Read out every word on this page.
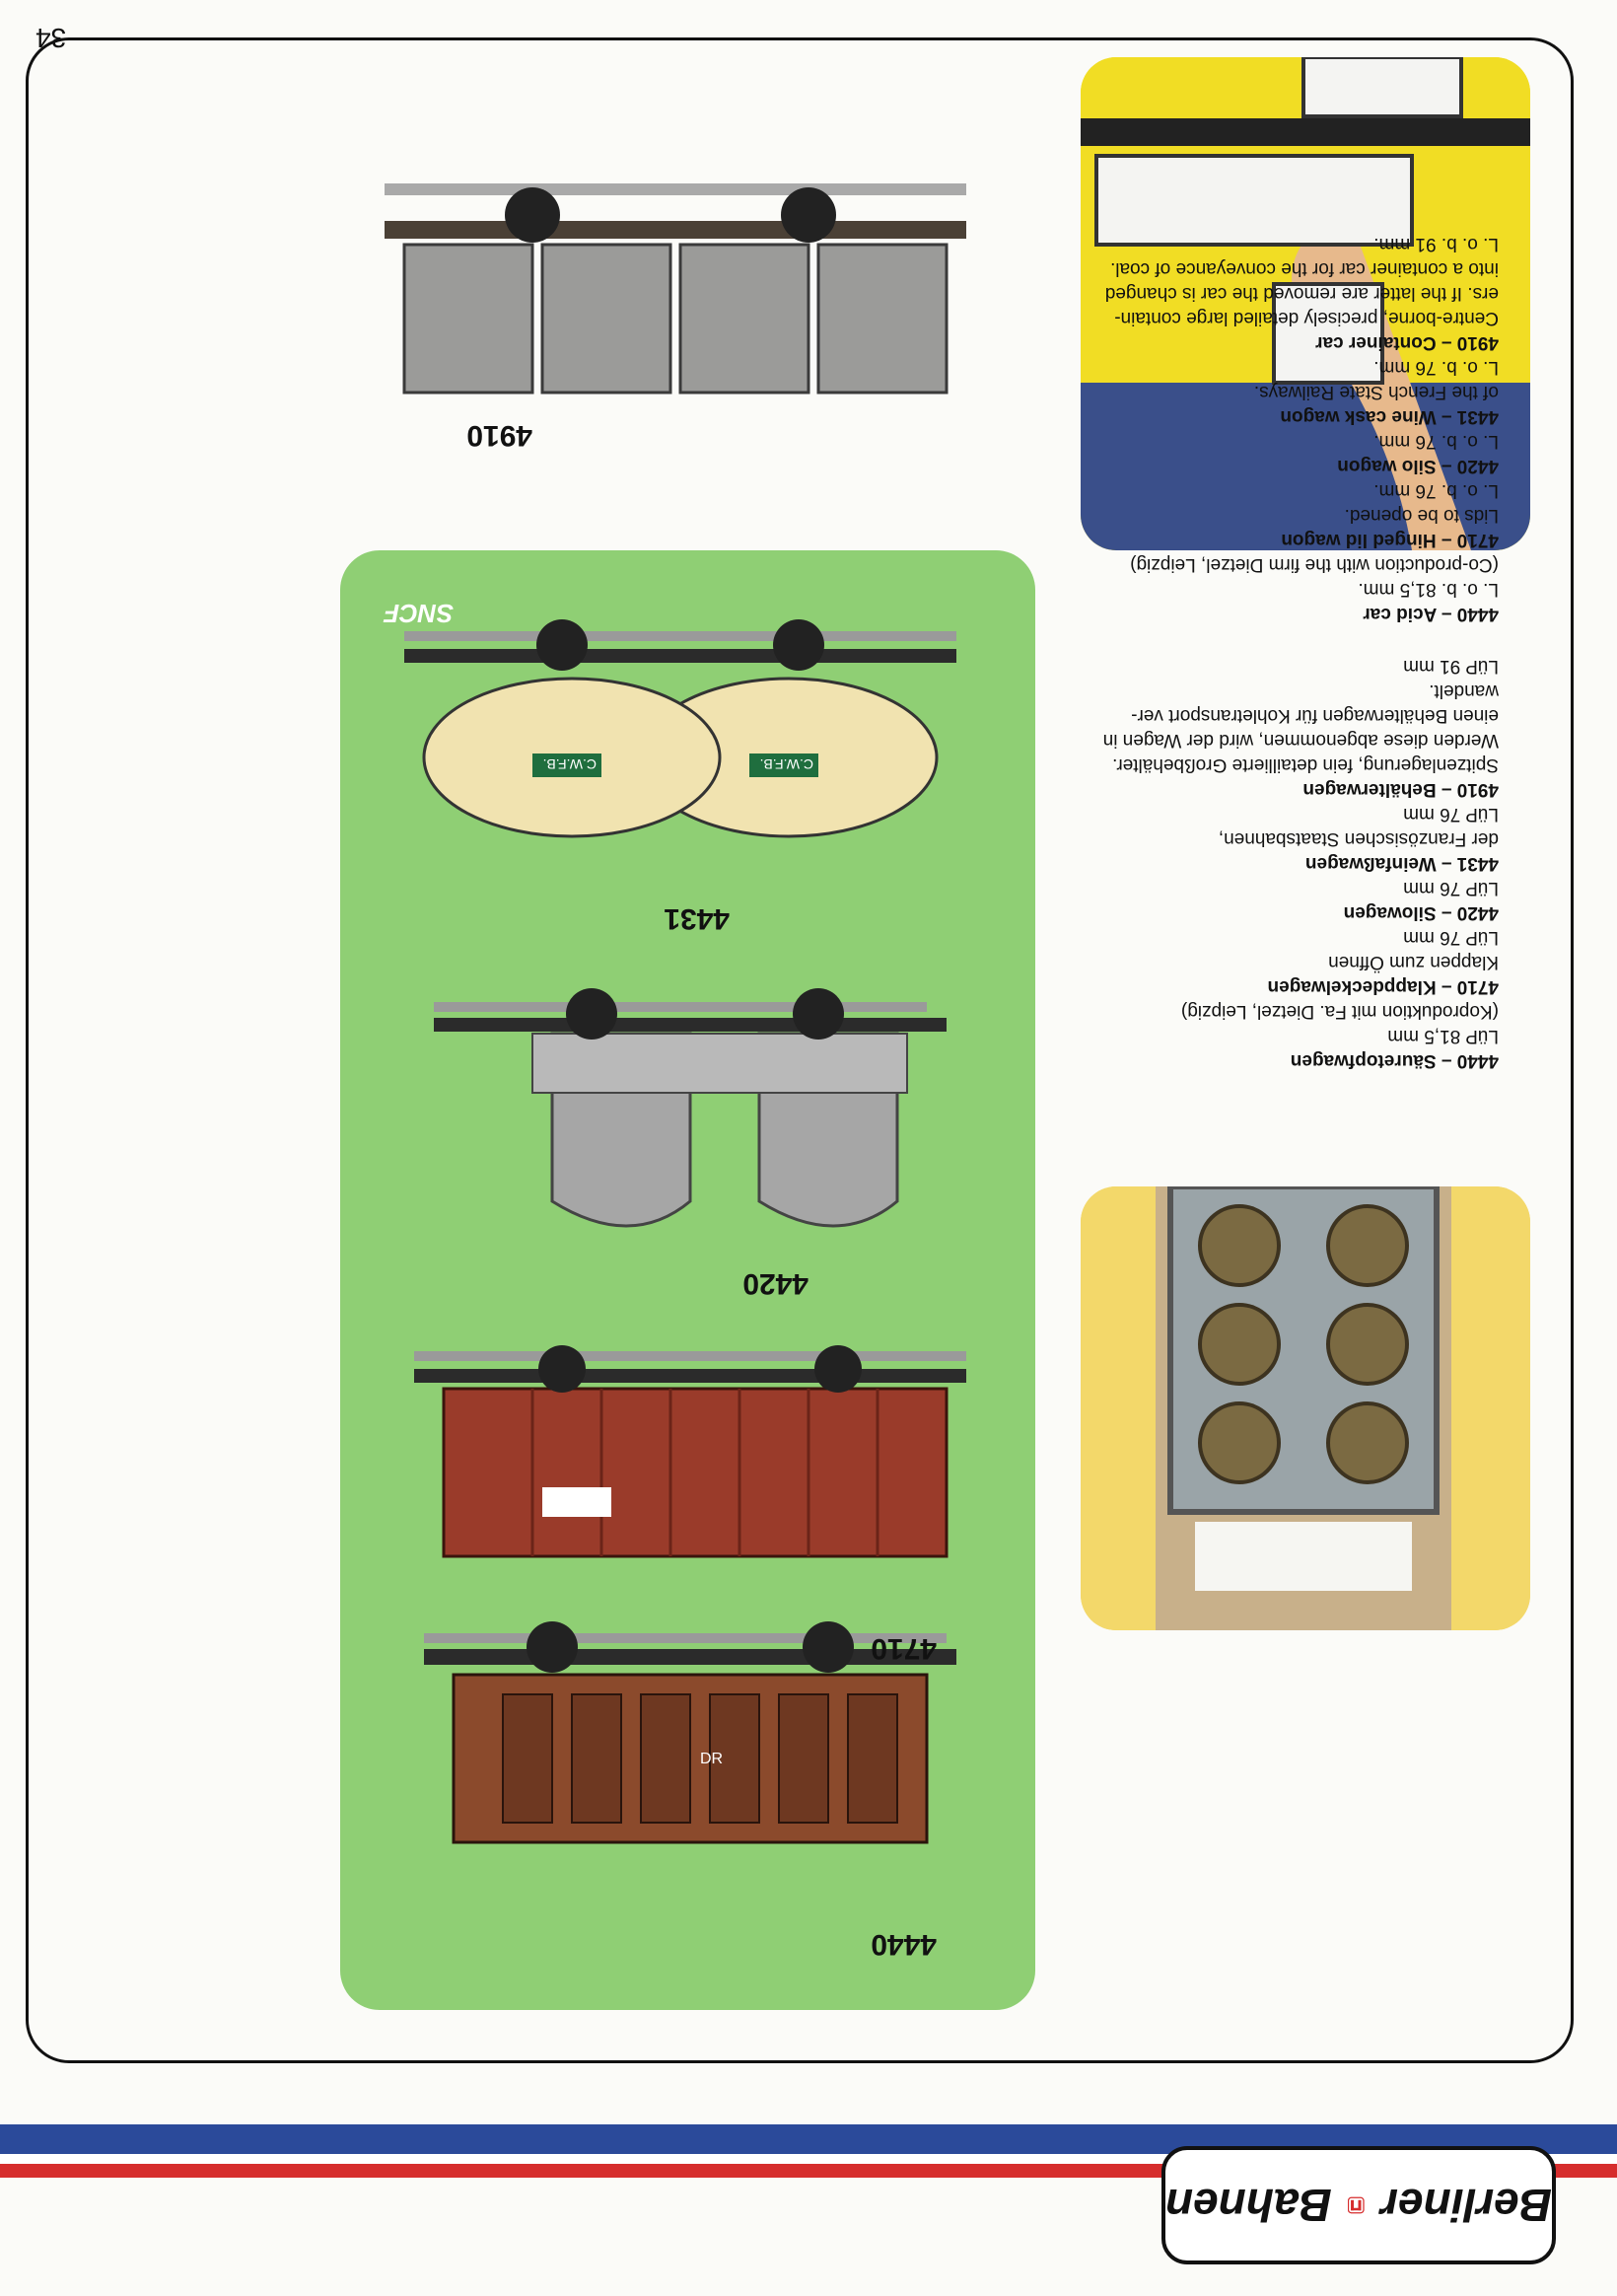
Berliner
Bahnen
34
4440 – Säuretopfwagen
LüP 81,5 mm
(Koproduktion mit Fa. Dietzel, Leipzig)
4710 – Klappdeckelwagen
Klappen zum Öffnen
LüP 76 mm
4420 – Silowagen
LüP 76 mm
4431 – Weinfaßwagen
der Französischen Staatsbahnen,
LüP 76 mm
4910 – Behälterwagen
Spitzenlagerung, fein detaillierte Großbehälter.
Werden diese abgenommen, wird der Wagen in
einen Behälterwagen für Kohletransport ver-
wandelt.
LüP 91 mm
4440 – Acid car
L. o. b. 81,5 mm.
(Co-production with the firm Dietzel, Leipzig)
4710 – Hinged lid wagon
Lids to be opened.
L. o. b. 76 mm.
4420 – Silo wagon
L. o. b. 76 mm.
4431 – Wine cask wagon
of the French State Railways.
L. o. b. 76 mm.
4910 – Container car
Centre-borne, precisely detailed large contain-
ers. If the latter are removed the car is changed
into a container car for the conveyance of coal.
L. o. b. 91 mm.
4440
DR
4710
4420
4431
C.W.F.B.
C.W.F.B.
SNCF
4910
